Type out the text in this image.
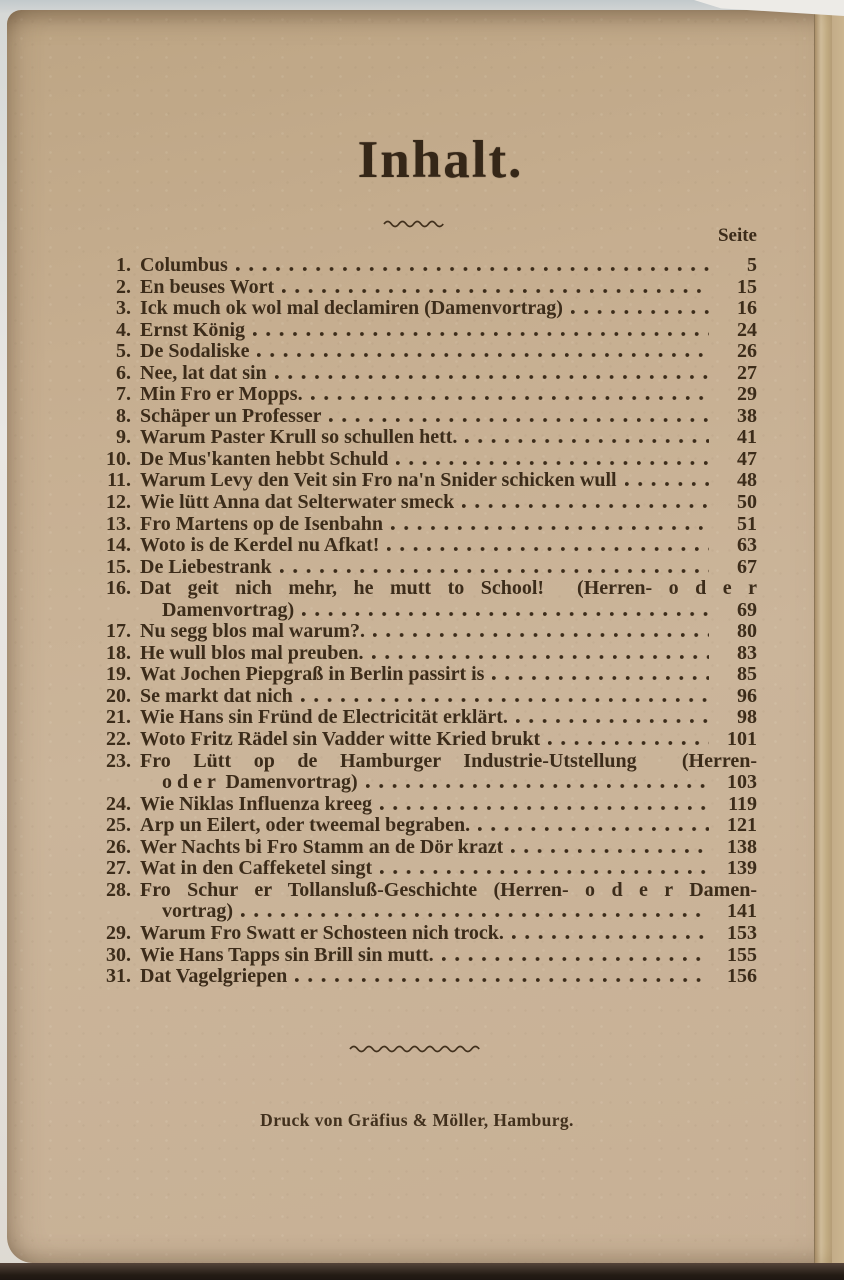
Inhalt.
Seite
1. Columbus	5
2. En beuses Wort	15
3. Ick much ok wol mal declamiren (Damenvortrag)	16
4. Ernst König	24
5. De Sodaliske	26
6. Nee, lat dat sin	27
7. Min Fro er Mopps.	29
8. Schäper un Professer	38
9. Warum Paster Krull so schullen hett.	41
10. De Mus'kanten hebbt Schuld	47
11. Warum Levy den Veit sin Fro na'n Snider schicken wull	48
12. Wie lütt Anna dat Selterwater smeck	50
13. Fro Martens op de Isenbahn	51
14. Woto is de Kerdel nu Afkat!	63
15. De Liebestrank	67
16. Dat geit nich mehr, he mutt to School!  (Herren- o d e r
Damenvortrag)	69
17. Nu segg blos mal warum?.	80
18. He wull blos mal preuben.	83
19. Wat Jochen Piepgraß in Berlin passirt is	85
20. Se markt dat nich	96
21. Wie Hans sin Fründ de Electricität erklärt.	98
22. Woto Fritz Rädel sin Vadder witte Kried brukt	101
23. Fro Lütt op de Hamburger Industrie-Utstellung  (Herren-
o d e r  Damenvortrag)	103
24. Wie Niklas Influenza kreeg	119
25. Arp un Eilert, oder tweemal begraben.	121
26. Wer Nachts bi Fro Stamm an de Dör krazt	138
27. Wat in den Caffeketel singt	139
28. Fro Schur er Tollansluß-Geschichte (Herren- o d e r Damen-
vortrag)	141
29. Warum Fro Swatt er Schosteen nich trock.	153
30. Wie Hans Tapps sin Brill sin mutt.	155
31. Dat Vagelgriepen	156
Druck von Gräfius & Möller, Hamburg.
